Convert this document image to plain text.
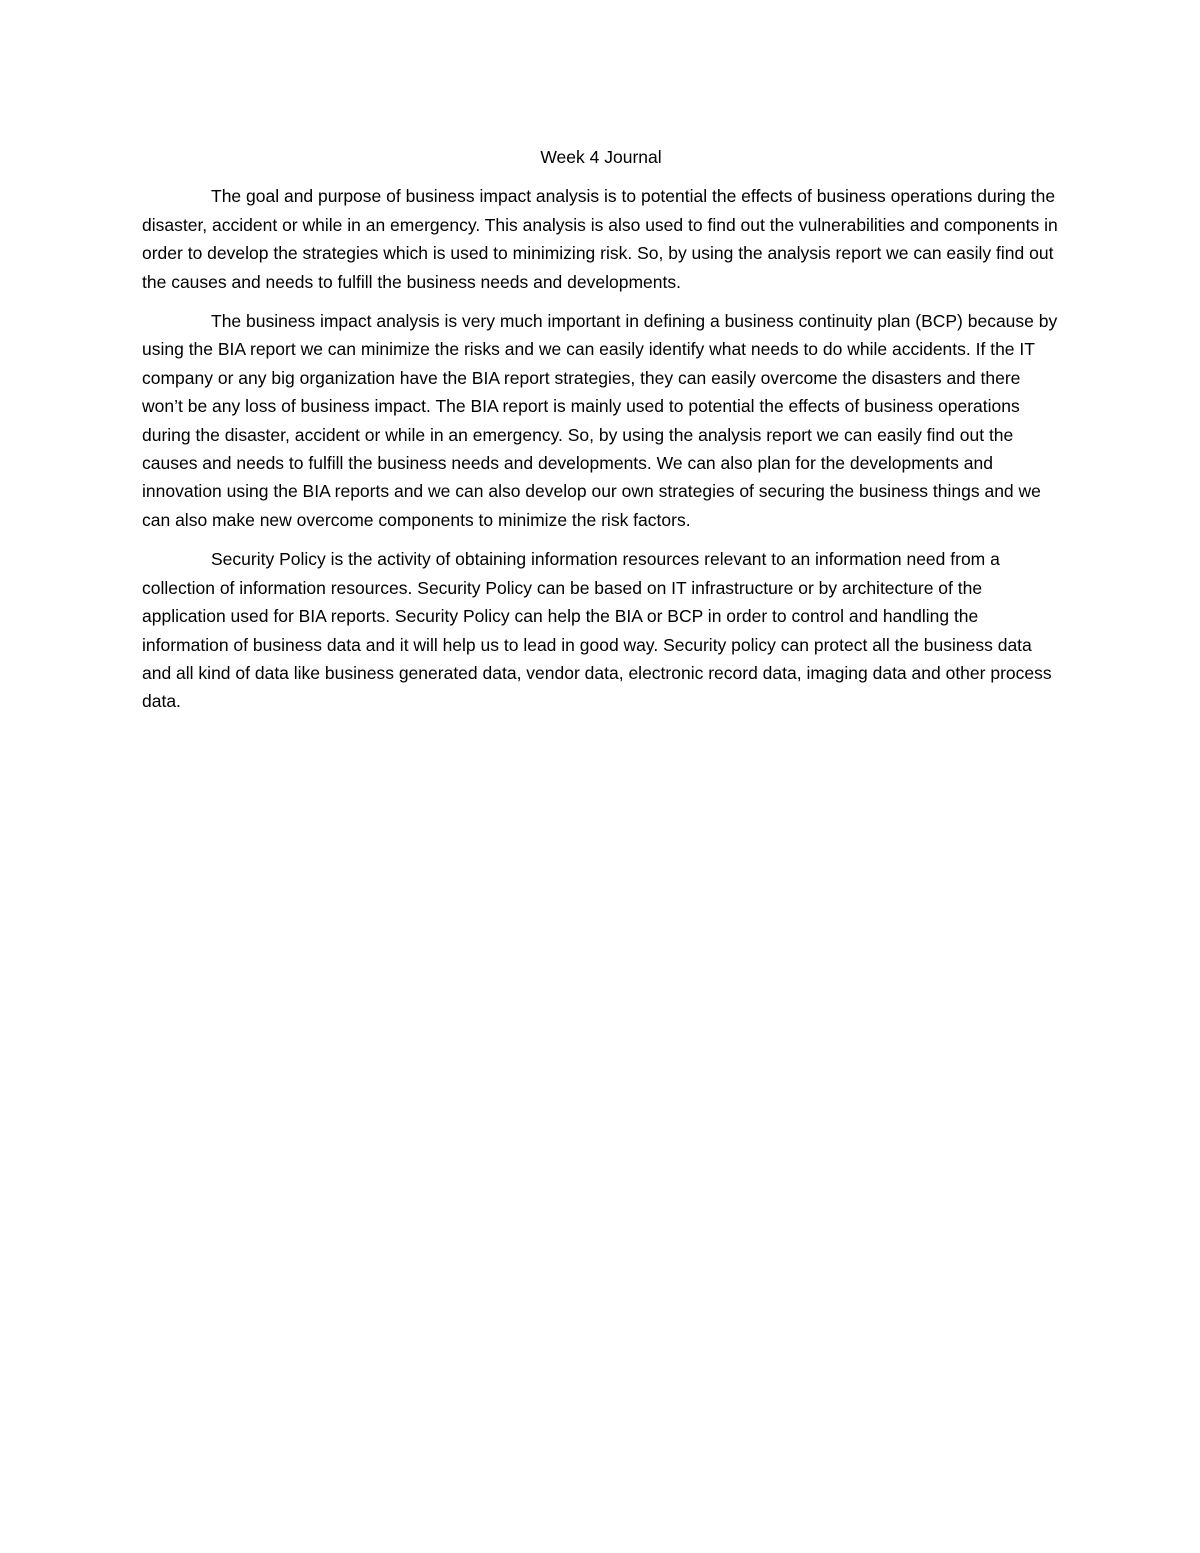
Week 4 Journal

The goal and purpose of business impact analysis is to potential the effects of business operations during the disaster, accident or while in an emergency. This analysis is also used to find out the vulnerabilities and components in order to develop the strategies which is used to minimizing risk. So, by using the analysis report we can easily find out the causes and needs to fulfill the business needs and developments.

The business impact analysis is very much important in defining a business continuity plan (BCP) because by using the BIA report we can minimize the risks and we can easily identify what needs to do while accidents. If the IT company or any big organization have the BIA report strategies, they can easily overcome the disasters and there won’t be any loss of business impact. The BIA report is mainly used to potential the effects of business operations during the disaster, accident or while in an emergency. So, by using the analysis report we can easily find out the causes and needs to fulfill the business needs and developments. We can also plan for the developments and innovation using the BIA reports and we can also develop our own strategies of securing the business things and we can also make new overcome components to minimize the risk factors.

Security Policy is the activity of obtaining information resources relevant to an information need from a collection of information resources. Security Policy can be based on IT infrastructure or by architecture of the application used for BIA reports. Security Policy can help the BIA or BCP in order to control and handling the information of business data and it will help us to lead in good way. Security policy can protect all the business data and all kind of data like business generated data, vendor data, electronic record data, imaging data and other process data.
